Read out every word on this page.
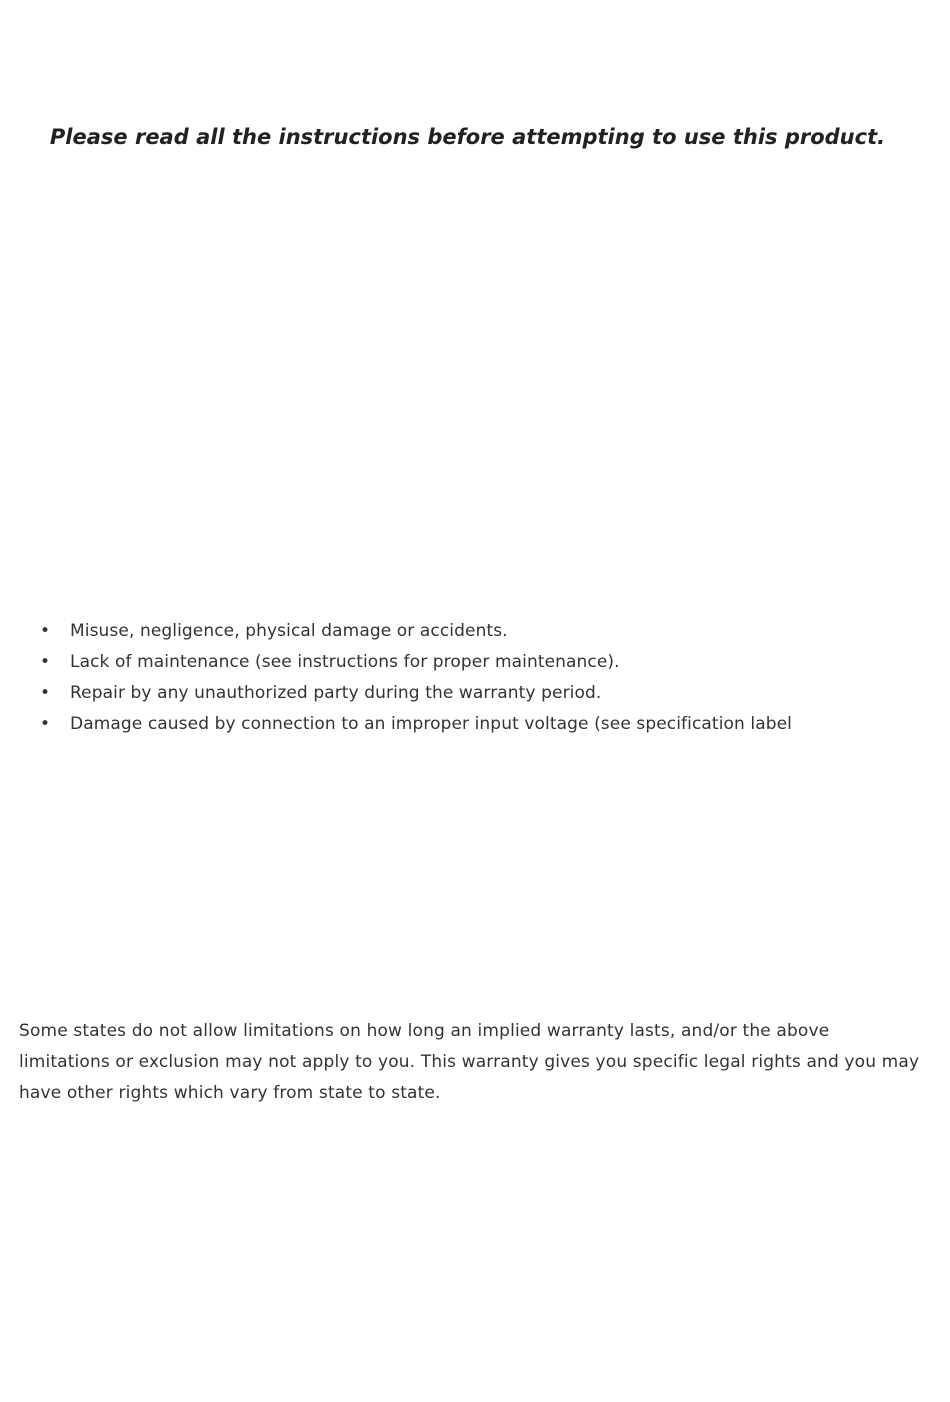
Please read all the instructions before attempting to use this product.
• Misuse, negligence, physical damage or accidents.
• Lack of maintenance (see instructions for proper maintenance).
• Repair by any unauthorized party during the warranty period.
• Damage caused by connection to an improper input voltage (see specification label

Some states do not allow limitations on how long an implied warranty lasts, and/or the above limitations or exclusion may not apply to you. This warranty gives you specific legal rights and you may have other rights which vary from state to state.
